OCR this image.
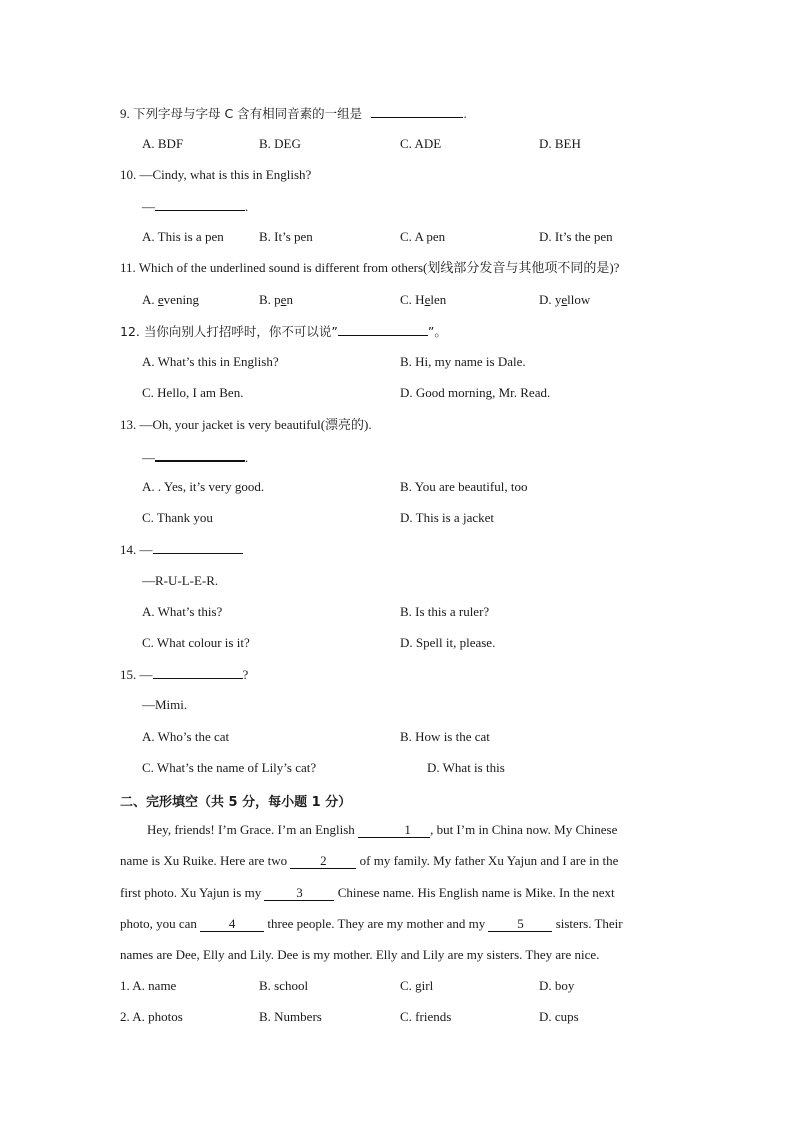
9. 下列字母与字母 C 含有相同音素的一组是	.
A. BDF	B. DEG	C. ADE	D. BEH
10. —Cindy, what is this in English?
—	.
A. This is a pen	B. It’s pen	C. A pen	D. It’s the pen
11. Which of the underlined sound is different from others(划线部分发音与其他项不同的是)?
A. evening	B. pen	C. Helen	D. yellow
12. 当你向别人打招呼时，你不可以说”	”。
A. What’s this in English?	B. Hi, my name is Dale.
C. Hello, I am Ben.	D. Good morning, Mr. Read.
13. —Oh, your jacket is very beautiful(漂亮的).
—	.
A. . Yes, it’s very good.	B. You are beautiful, too
C. Thank you	D. This is a jacket
14. —
—R-U-L-E-R.
A. What’s this?	B. Is this a ruler?
C. What colour is it?	D. Spell it, please.
15. —	?
—Mimi.
A. Who’s the cat	B. How is the cat
C. What’s the name of Lily’s cat?	D. What is this
二、完形填空（共 5 分，每小题 1 分）
Hey, friends! I’m Grace. I’m an English	1 , but I’m in China now. My Chinese
name is Xu Ruike. Here are two	2	of my family. My father Xu Yajun and I are in the
first photo. Xu Yajun is my	3	Chinese name. His English name is Mike. In the next
photo, you can 4 three people. They are my mother and my 5 sisters. Their
names are Dee, Elly and Lily. Dee is my mother. Elly and Lily are my sisters. They are nice.
1. A. name	B. school	C. girl	D. boy
2. A. photos	B. Numbers	C. friends	D. cups
